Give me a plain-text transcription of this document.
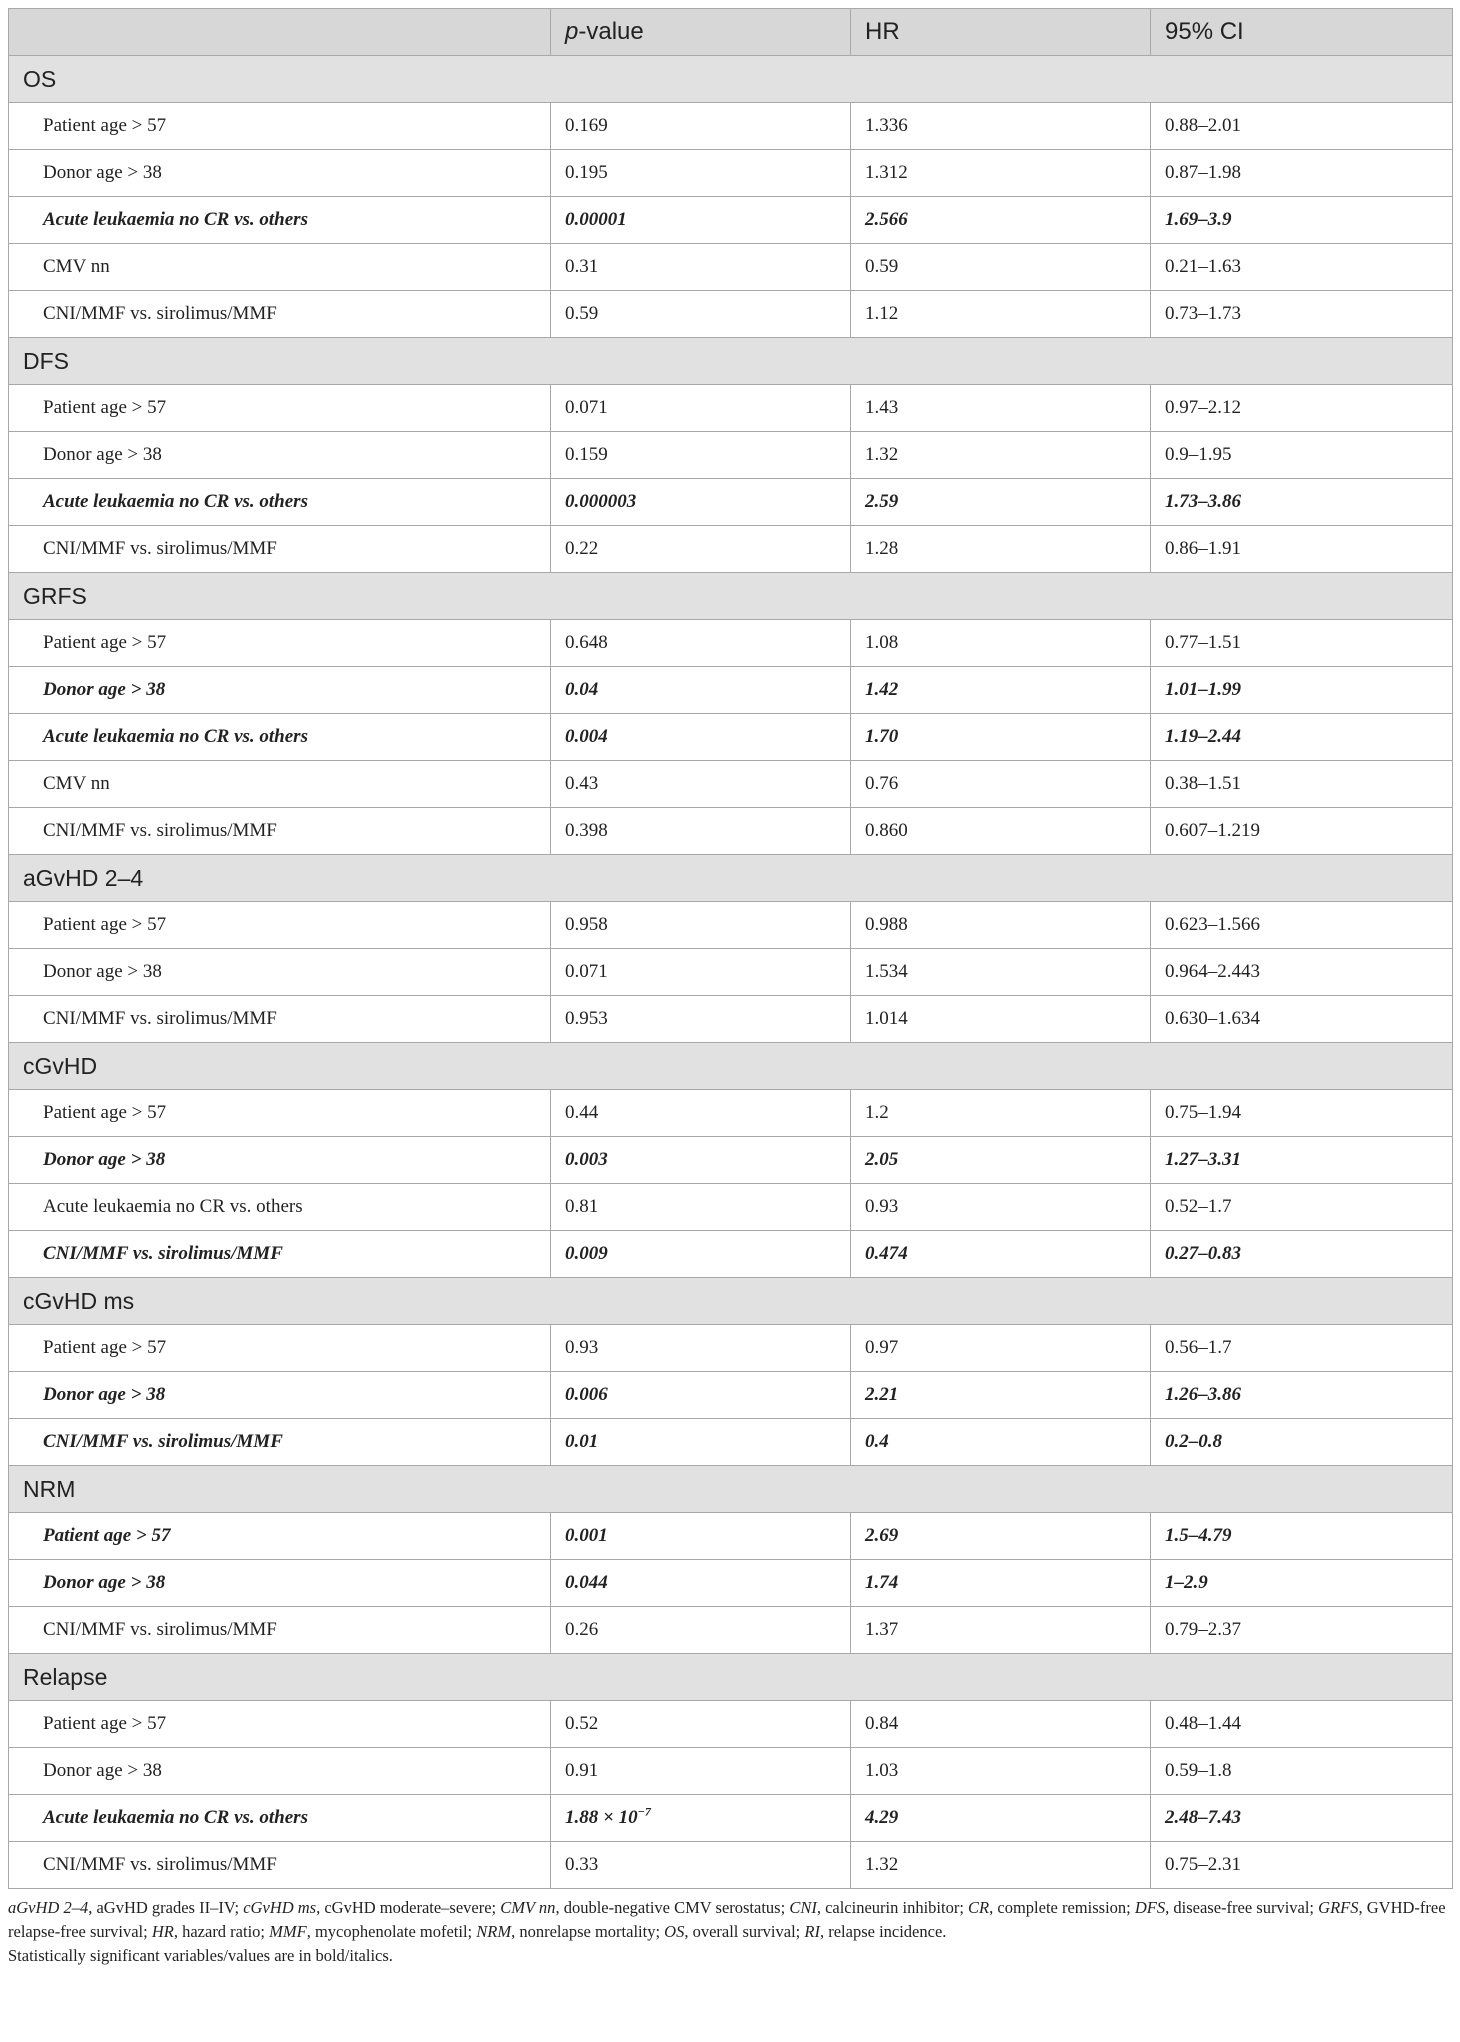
	p-value	HR	95% CI
OS			
Patient age > 57	0.169	1.336	0.88–2.01
Donor age > 38	0.195	1.312	0.87–1.98
Acute leukaemia no CR vs. others	0.00001	2.566	1.69–3.9
CMV nn	0.31	0.59	0.21–1.63
CNI/MMF vs. sirolimus/MMF	0.59	1.12	0.73–1.73
DFS			
Patient age > 57	0.071	1.43	0.97–2.12
Donor age > 38	0.159	1.32	0.9–1.95
Acute leukaemia no CR vs. others	0.000003	2.59	1.73–3.86
CNI/MMF vs. sirolimus/MMF	0.22	1.28	0.86–1.91
GRFS			
Patient age > 57	0.648	1.08	0.77–1.51
Donor age > 38	0.04	1.42	1.01–1.99
Acute leukaemia no CR vs. others	0.004	1.70	1.19–2.44
CMV nn	0.43	0.76	0.38–1.51
CNI/MMF vs. sirolimus/MMF	0.398	0.860	0.607–1.219
aGvHD 2–4			
Patient age > 57	0.958	0.988	0.623–1.566
Donor age > 38	0.071	1.534	0.964–2.443
CNI/MMF vs. sirolimus/MMF	0.953	1.014	0.630–1.634
cGvHD			
Patient age > 57	0.44	1.2	0.75–1.94
Donor age > 38	0.003	2.05	1.27–3.31
Acute leukaemia no CR vs. others	0.81	0.93	0.52–1.7
CNI/MMF vs. sirolimus/MMF	0.009	0.474	0.27–0.83
cGvHD ms			
Patient age > 57	0.93	0.97	0.56–1.7
Donor age > 38	0.006	2.21	1.26–3.86
CNI/MMF vs. sirolimus/MMF	0.01	0.4	0.2–0.8
NRM			
Patient age > 57	0.001	2.69	1.5–4.79
Donor age > 38	0.044	1.74	1–2.9
CNI/MMF vs. sirolimus/MMF	0.26	1.37	0.79–2.37
Relapse			
Patient age > 57	0.52	0.84	0.48–1.44
Donor age > 38	0.91	1.03	0.59–1.8
Acute leukaemia no CR vs. others	$1.88 \times 10^{-7}$	4.29	2.48–7.43
CNI/MMF vs. sirolimus/MMF	0.33	1.32	0.75–2.31

aGvHD 2–4, aGvHD grades II–IV; cGvHD ms, cGvHD moderate–severe; CMV nn, double-negative CMV serostatus; CNI, calcineurin inhibitor; CR, complete remission; DFS, disease-free survival; GRFS, GVHD-free relapse-free survival; HR, hazard ratio; MMF, mycophenolate mofetil; NRM, nonrelapse mortality; OS, overall survival; RI, relapse incidence.

Statistically significant variables/values are in bold/italics.
